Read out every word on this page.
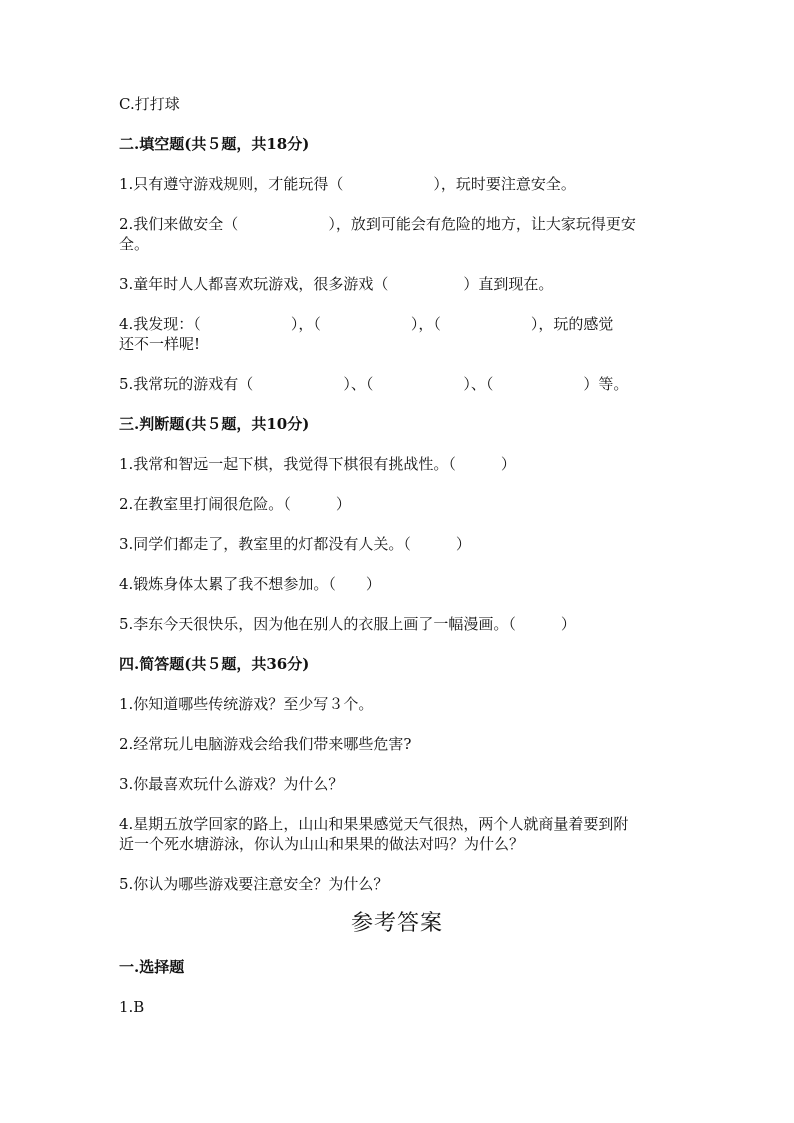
C.打打球

二.填空题(共５题，共18分)

1.只有遵守游戏规则，才能玩得（　　　　　　），玩时要注意安全。

2.我们来做安全（　　　　　　），放到可能会有危险的地方，让大家玩得更安

全。

3.童年时人人都喜欢玩游戏，很多游戏（　　　　　）直到现在。

4.我发现：（　　　　　　），（　　　　　　），（　　　　　　），玩的感觉

还不一样呢!

5.我常玩的游戏有（　　　　　　）、（　　　　　　）、（　　　　　　）等。

三.判断题(共５题，共10分)

1.我常和智远一起下棋，我觉得下棋很有挑战性。（　　　）

2.在教室里打闹很危险。（　　　）

3.同学们都走了，教室里的灯都没有人关。（　　　）

4.锻炼身体太累了我不想参加。（　　）

5.李东今天很快乐，因为他在别人的衣服上画了一幅漫画。（　　　）

四.简答题(共５题，共36分)

1.你知道哪些传统游戏？至少写３个。

2.经常玩儿电脑游戏会给我们带来哪些危害?

3.你最喜欢玩什么游戏？为什么？

4.星期五放学回家的路上，山山和果果感觉天气很热，两个人就商量着要到附

近一个死水塘游泳，你认为山山和果果的做法对吗？为什么？

5.你认为哪些游戏要注意安全？为什么？

参考答案

一.选择题

1.B
